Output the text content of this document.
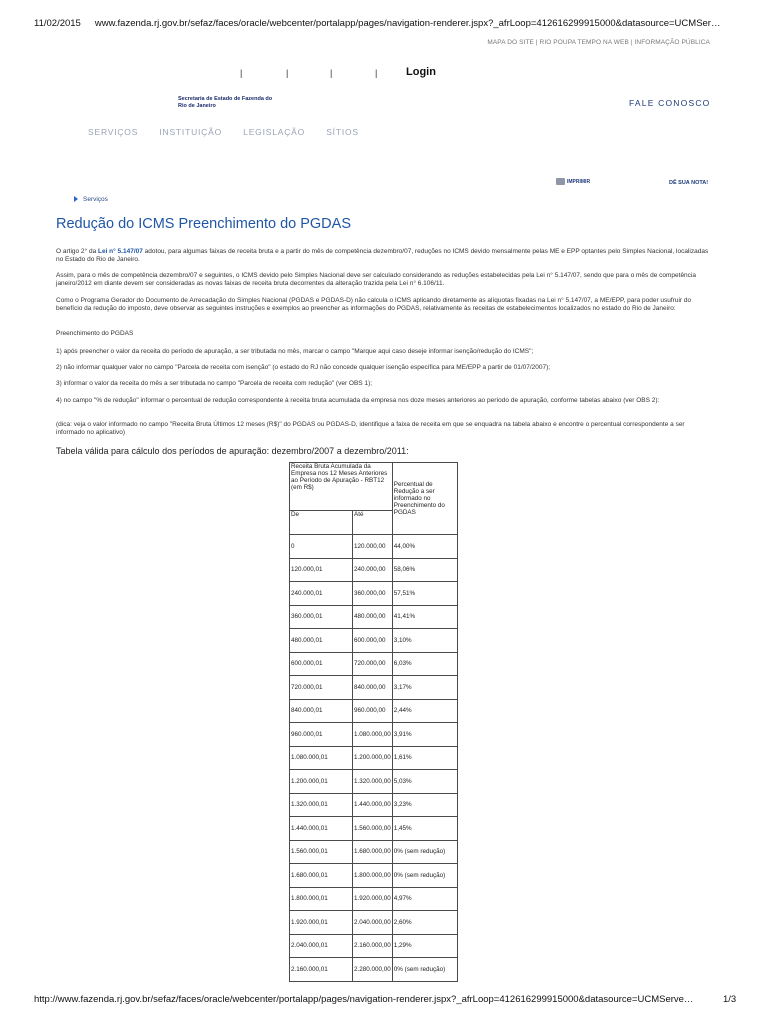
11/02/2015 www.fazenda.rj.gov.br/sefaz/faces/oracle/webcenter/portalapp/pages/navigation-renderer.jspx?_afrLoop=412616299915000&datasource=UCMSer…
MAPA DO SITE | RIO POUPA TEMPO NA WEB | INFORMAÇÃO PÚBLICA
|	|	|	|	Login
Secretaria de Estado de Fazenda do
Rio de Janeiro	FALE CONOSCO
SERVIÇOS INSTITUIÇÃO LEGISLAÇÃO SÍTIOS
IMPRIMIR	DÊ SUA NOTA!
Serviços
Redução do ICMS Preenchimento do PGDAS
O artigo 2° da Lei n° 5.147/07 adotou, para algumas faixas de receita bruta e a partir do mês de competência dezembro/07, reduções no ICMS devido mensalmente pelas ME e EPP optantes pelo Simples Nacional, localizadas no Estado do Rio de Janeiro.
Assim, para o mês de competência dezembro/07 e seguintes, o ICMS devido pelo Simples Nacional deve ser calculado considerando as reduções estabelecidas pela Lei n° 5.147/07, sendo que para o mês de competência janeiro/2012 em diante devem ser consideradas as novas faixas de receita bruta decorrentes da alteração trazida pela Lei n° 6.106/11.
Como o Programa Gerador do Documento de Arrecadação do Simples Nacional (PGDAS e PGDAS-D) não calcula o ICMS aplicando diretamente as alíquotas fixadas na Lei n° 5.147/07, a ME/EPP, para poder usufruir do benefício da redução do imposto, deve observar as seguintes instruções e exemplos ao preencher as informações do PGDAS, relativamente às receitas de estabelecimentos localizados no estado do Rio de Janeiro:
Preenchimento do PGDAS
1) após preencher o valor da receita do período de apuração, a ser tributada no mês, marcar o campo "Marque aqui caso deseje informar isenção/redução do ICMS";
2) não informar qualquer valor no campo "Parcela de receita com isenção" (o estado do RJ não concede qualquer isenção específica para ME/EPP a partir de 01/07/2007);
3) informar o valor da receita do mês a ser tributada no campo "Parcela de receita com redução" (ver OBS 1);
4) no campo "% de redução" informar o percentual de redução correspondente à receita bruta acumulada da empresa nos doze meses anteriores ao período de apuração, conforme tabelas abaixo (ver OBS 2):
(dica: veja o valor informado no campo "Receita Bruta Últimos 12 meses (R$)" do PGDAS ou PGDAS-D, identifique a faixa de receita em que se enquadra na tabela abaixo e encontre o percentual correspondente a ser informado no aplicativo)
Tabela válida para cálculo dos períodos de apuração: dezembro/2007 a dezembro/2011:
Receita Bruta Acumulada da Empresa nos 12 Meses Anteriores ao Período de Apuração - RBT12 (em R$)		Percentual de Redução a ser informado no Preenchimento do PGDAS
De	Até	
0	120.000,00	44,00%
120.000,01	240.000,00	58,06%
240.000,01	360.000,00	57,51%
360.000,01	480.000,00	41,41%
480.000,01	600.000,00	3,10%
600.000,01	720.000,00	6,03%
720.000,01	840.000,00	3,17%
840.000,01	960.000,00	2,44%
960.000,01	1.080.000,00	3,91%
1.080.000,01	1.200.000,00	1,61%
1.200.000,01	1.320.000,00	5,03%
1.320.000,01	1.440.000,00	3,23%
1.440.000,01	1.560.000,00	1,45%
1.560.000,01	1.680.000,00	0% (sem redução)
1.680.000,01	1.800.000,00	0% (sem redução)
1.800.000,01	1.920.000,00	4,97%
1.920.000,01	2.040.000,00	2,60%
2.040.000,01	2.160.000,00	1,29%
2.160.000,01	2.280.000,00	0% (sem redução)
http://www.fazenda.rj.gov.br/sefaz/faces/oracle/webcenter/portalapp/pages/navigation-renderer.jspx?_afrLoop=412616299915000&datasource=UCMServe…	1/3
